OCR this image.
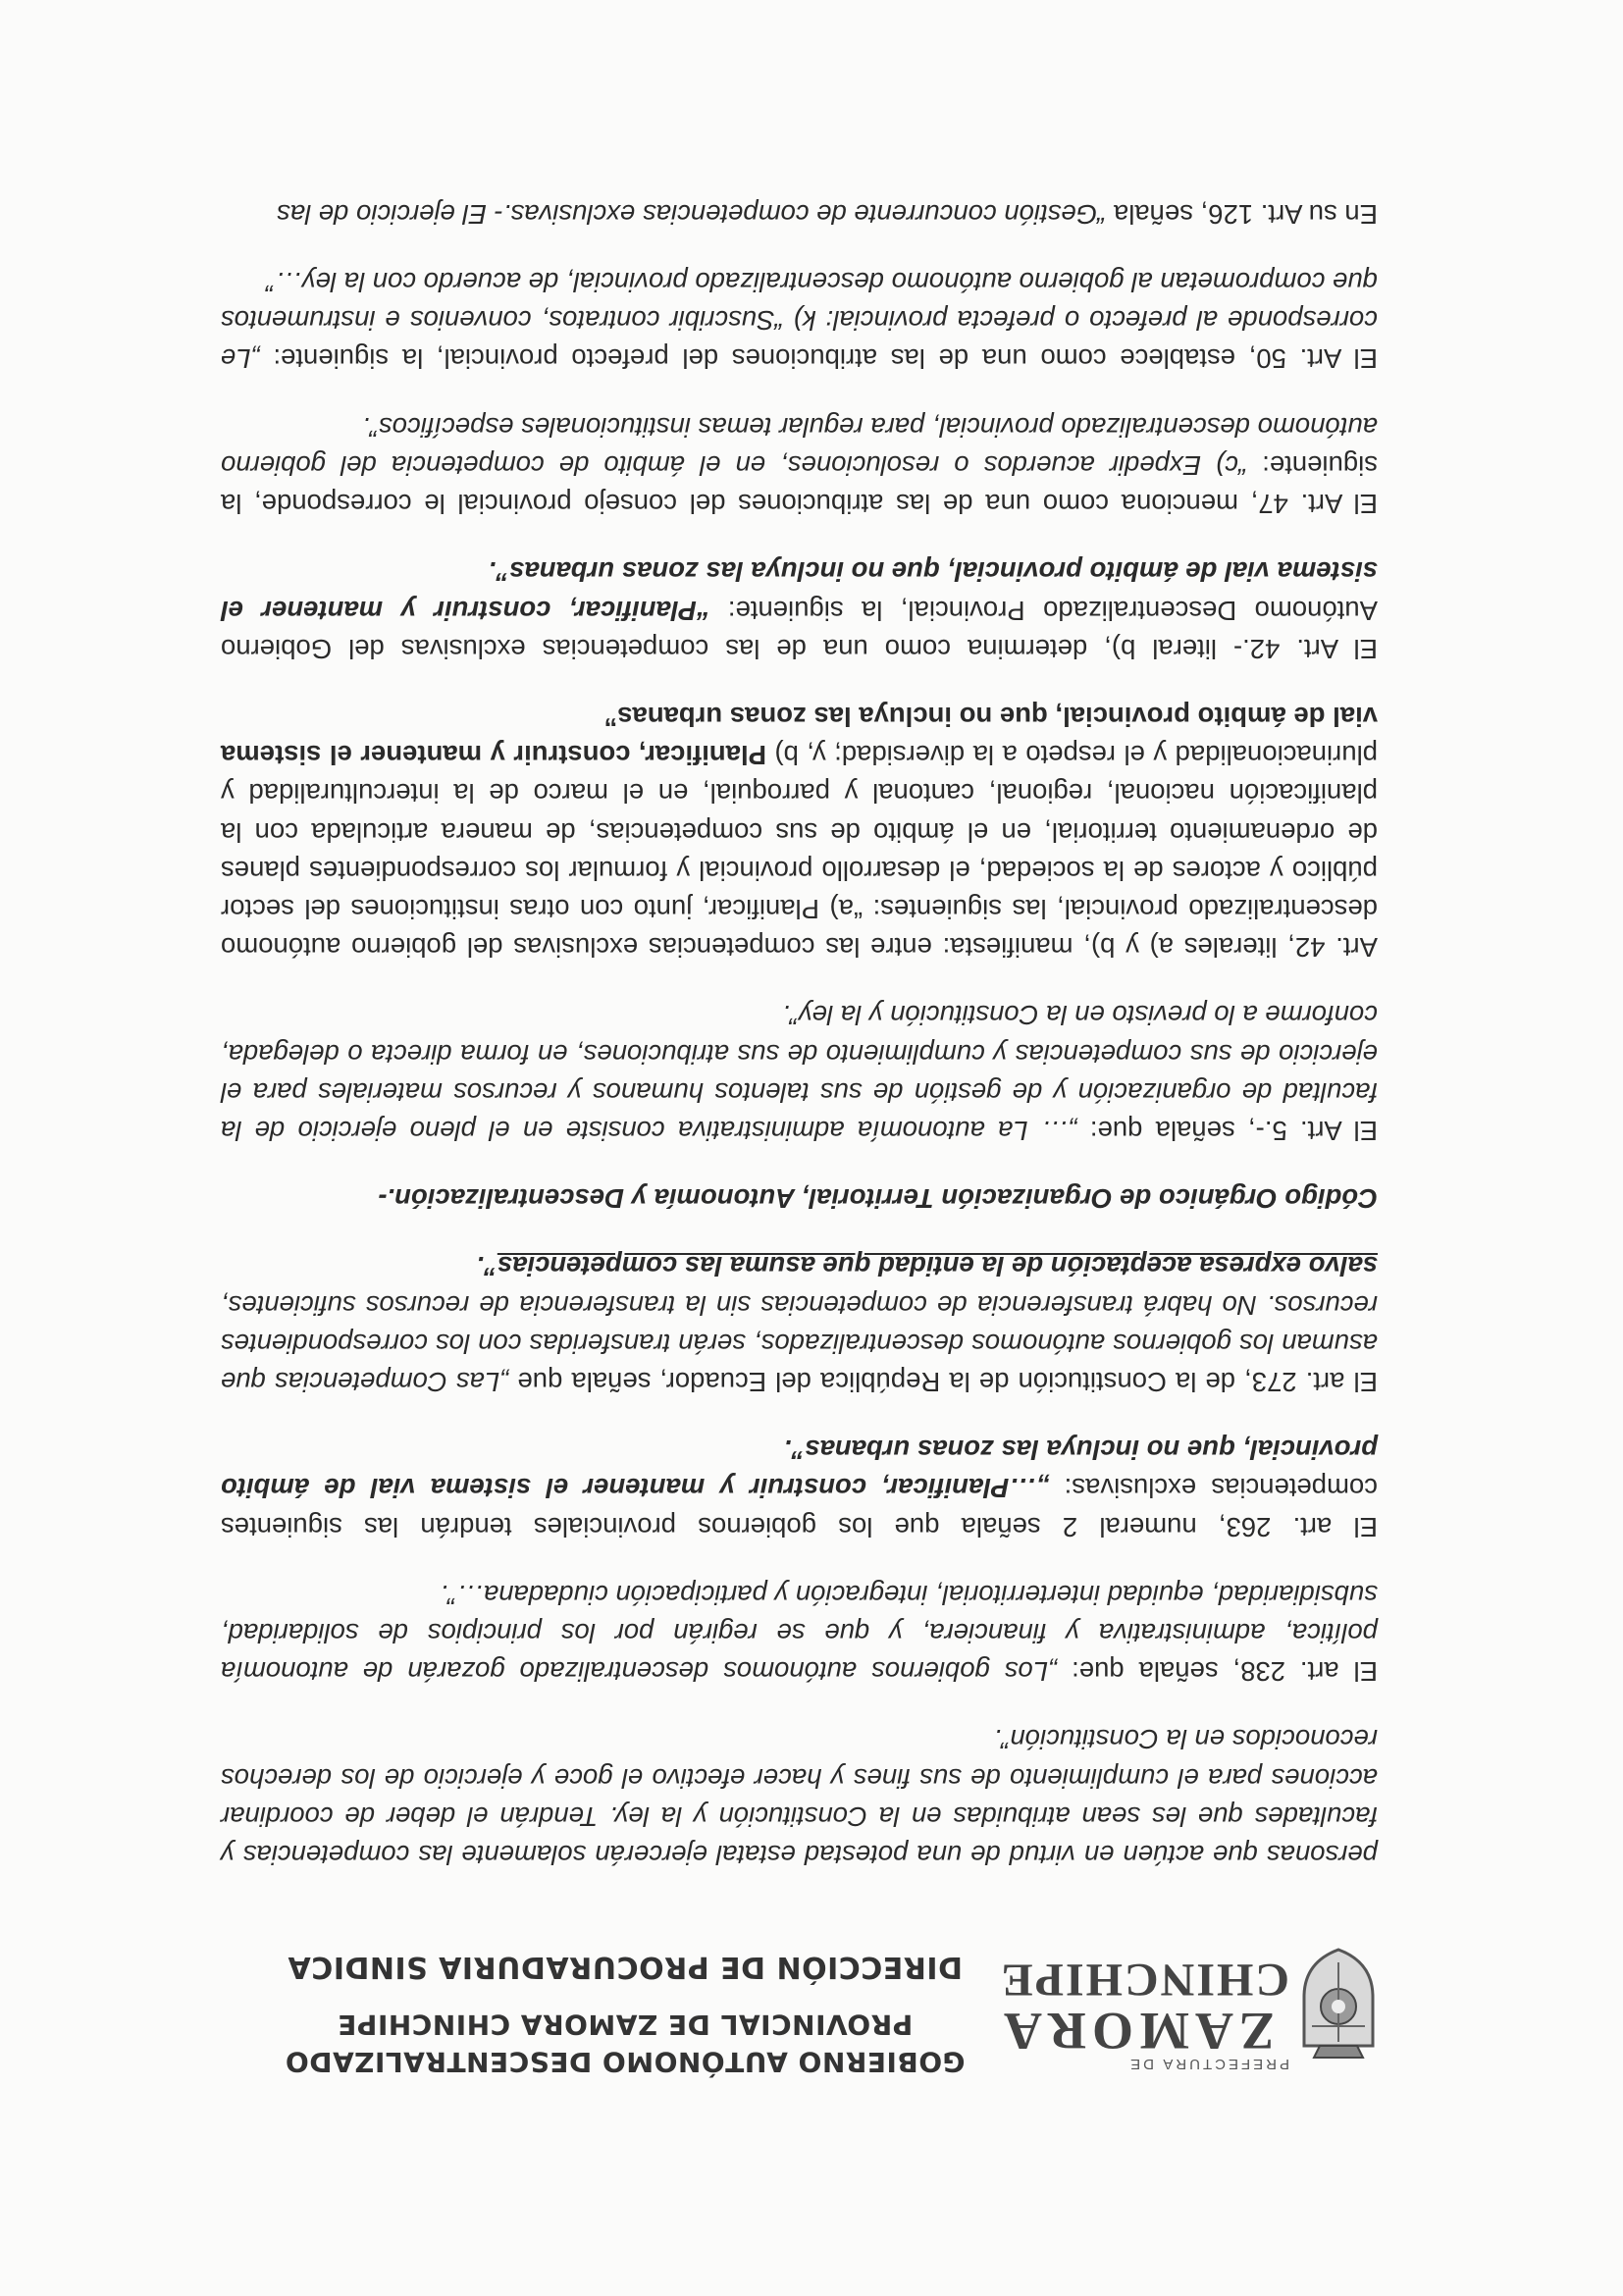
PREFECTURA DE
ZAMORA
CHINCHIPE
GOBIERNO AUTÓNOMO DESCENTRALIZADO
PROVINCIAL DE ZAMORA CHINCHIPE
DIRECCIÓN DE PROCURADURIA SINDICA

personas que actúen en virtud de una potestad estatal ejercerán solamente las competencias y facultades que les sean atribuidas en la Constitución y la ley. Tendrán el deber de coordinar acciones para el cumplimiento de sus fines y hacer efectivo el goce y ejercicio de los derechos reconocidos en la Constitución”.

El art. 238, señala que: „Los gobiernos autónomos descentralizado gozarán de autonomía política, administrativa y financiera, y que se regirán por los principios de solidaridad, subsidiaridad, equidad interterritorial, integración y participación ciudadana…”.

El art. 263, numeral 2 señala que los gobiernos provinciales tendrán las siguientes competencias exclusivas: „…Planificar, construir y mantener el sistema vial de ámbito provincial, que no incluya las zonas urbanas”.

El art. 273, de la Constitución de la República del Ecuador, señala que „Las Competencias que asuman los gobiernos autónomos descentralizados, serán transferidas con los correspondientes recursos. No habrá transferencia de competencias sin la transferencia de recursos suficientes, salvo expresa aceptación de la entidad que asuma las competencias”.

Código Orgánico de Organización Territorial, Autonomía y Descentralización.-

El Art. 5.-, señala que: „… La autonomía administrativa consiste en el pleno ejercicio de la facultad de organización y de gestión de sus talentos humanos y recursos materiales para el ejercicio de sus competencias y cumplimiento de sus atribuciones, en forma directa o delegada, conforme a lo previsto en la Constitución y la ley”.

Art. 42, literales a) y b), manifiesta: entre las competencias exclusivas del gobierno autónomo descentralizado provincial, las siguientes: “a) Planificar, junto con otras instituciones del sector público y actores de la sociedad, el desarrollo provincial y formular los correspondientes planes de ordenamiento territorial, en el ámbito de sus competencias, de manera articulada con la planificación nacional, regional, cantonal y parroquial, en el marco de la interculturalidad y plurinacionalidad y el respeto a la diversidad; y, b) Planificar, construir y mantener el sistema vial de ámbito provincial, que no incluya las zonas urbanas”

El Art. 42.- literal b), determina como una de las competencias exclusivas del Gobierno Autónomo Descentralizado Provincial, la siguiente: “Planificar, construir y mantener el sistema vial de ámbito provincial, que no incluya las zonas urbanas”.

El Art. 47, menciona como una de las atribuciones del consejo provincial le corresponde, la siguiente: “c) Expedir acuerdos o resoluciones, en el ámbito de competencia del gobierno autónomo descentralizado provincial, para regular temas institucionales específicos”.

El Art. 50, establece como una de las atribuciones del prefecto provincial, la siguiente: „Le corresponde al prefecto o prefecta provincial: k) “Suscribir contratos, convenios e instrumentos que comprometan al gobierno autónomo descentralizado provincial, de acuerdo con la ley…”

En su Art. 126, señala “Gestión concurrente de competencias exclusivas.- El ejercicio de las
